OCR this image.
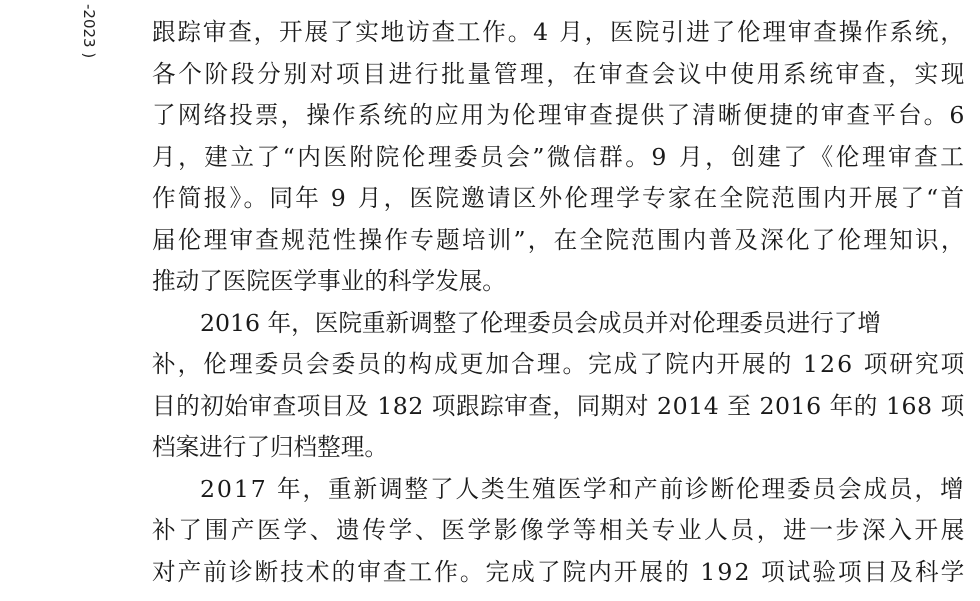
-2023 ) 跟踪审查，开展了实地访查工作。4 月，医院引进了伦理审查操作系统，
各个阶段分别对项目进行批量管理，在审查会议中使用系统审查，实现
了网络投票，操作系统的应用为伦理审查提供了清晰便捷的审查平台。6
月，建立了“内医附院伦理委员会”微信群。9 月，创建了《伦理审查工
作简报》。同年 9 月，医院邀请区外伦理学专家在全院范围内开展了“首
届伦理审查规范性操作专题培训”，在全院范围内普及深化了伦理知识，
推动了医院医学事业的科学发展。
2016 年，医院重新调整了伦理委员会成员并对伦理委员进行了增
补，伦理委员会委员的构成更加合理。完成了院内开展的 126 项研究项
目的初始审查项目及 182 项跟踪审查，同期对 2014 至 2016 年的 168 项
档案进行了归档整理。
2017 年，重新调整了人类生殖医学和产前诊断伦理委员会成员，增
补了围产医学、遗传学、医学影像学等相关专业人员，进一步深入开展
对产前诊断技术的审查工作。完成了院内开展的 192 项试验项目及科学
